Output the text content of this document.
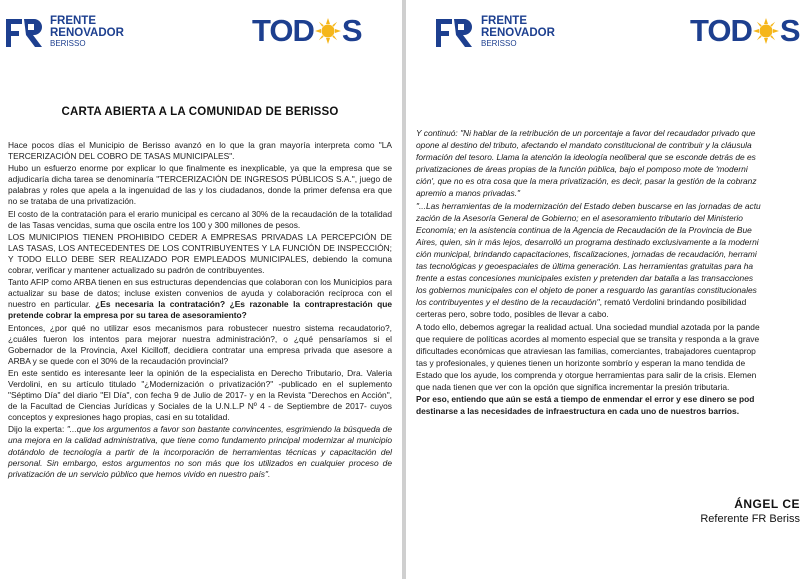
FRENTE
RENOVADOR
BERISSO	TOD S
CARTA ABIERTA A LA COMUNIDAD DE BERISSO

Hace pocos días el Municipio de Berisso avanzó en lo que la gran mayoría interpreta como "LA TERCERIZACIÓN DEL COBRO DE TASAS MUNICIPALES".

Hubo un esfuerzo enorme por explicar lo que finalmente es inexplicable, ya que la empresa que se adjudicaría dicha tarea se denominaría "TERCERIZACIÓN DE INGRESOS PÚBLICOS S.A.", juego de palabras y roles que apela a la ingenuidad de las y los ciudadanos, donde la primer defensa era que no se trataba de una privatización.

El costo de la contratación para el erario municipal es cercano al 30% de la recaudación de la totalidad de las Tasas vencidas, suma que oscila entre los 100 y 300 millones de pesos.

LOS MUNICIPIOS TIENEN PROHIBIDO CEDER A EMPRESAS PRIVADAS LA PERCEPCIÓN DE LAS TASAS, LOS ANTECEDENTES DE LOS CONTRIBUYENTES Y LA FUNCIÓN DE INSPECCIÓN; Y TODO ELLO DEBE SER REALIZADO POR EMPLEADOS MUNICIPALES, debiendo la comuna cobrar, verificar y mantener actualizado su padrón de contribuyentes.

Tanto AFIP como ARBA tienen en sus estructuras dependencias que colaboran con los Municipios para actualizar su base de datos; incluse existen convenios de ayuda y colaboración recíproca con el nuestro en particular. ¿Es necesaria la contratación? ¿Es razonable la contraprestación que pretende cobrar la empresa por su tarea de asesoramiento?

Entonces, ¿por qué no utilizar esos mecanismos para robustecer nuestro sistema recaudatorio?, ¿cuáles fueron los intentos para mejorar nuestra administración?, o ¿qué pensaríamos si el Gobernador de la Provincia, Axel Kicilloff, decidiera contratar una empresa privada que asesore a ARBA y se quede con el 30% de la recaudación provincial?

En este sentido es interesante leer la opinión de la especialista en Derecho Tributario, Dra. Valeria Verdolini, en su artículo titulado "¿Modernización o privatización?" -publicado en el suplemento "Séptimo Día" del diario "El Día", con fecha 9 de Julio de 2017- y en la Revista "Derechos en Acción", de la Facultad de Ciencias Jurídicas y Sociales de la U.N.L.P Nº 4 - de Septiembre de 2017- cuyos conceptos y expresiones hago propias, casi en su totalidad.

Dijo la experta: "...que los argumentos a favor son bastante convincentes, esgrimiendo la búsqueda de una mejora en la calidad administrativa, que tiene como fundamento principal modernizar al municipio dotándolo de tecnología a partir de la incorporación de herramientas técnicas y capacitación del personal. Sin embargo, estos argumentos no son más que los utilizados en cualquier proceso de privatización de un servicio público que hemos vivido en nuestro país".

FRENTE
RENOVADOR
BERISSO	TOD S

Y continuó: "Ni hablar de la retribución de un porcentaje a favor del recaudador privado que

opone al destino del tributo, afectando el mandato constitucional de contribuir y la cláusula

formación del tesoro. Llama la atención la ideología neoliberal que se esconde detrás de es

privatizaciones de áreas propias de la función pública, bajo el pomposo mote de 'moderni

ción', que no es otra cosa que la mera privatización, es decir, pasar la gestión de la cobranz

apremio a manos privadas."

"...Las herramientas de la modernización del Estado deben buscarse en las jornadas de actu

zación de la Asesoría General de Gobierno; en el asesoramiento tributario del Ministerio

Economía; en la asistencia continua de la Agencia de Recaudación de la Provincia de Bue

Aires, quien, sin ir más lejos, desarrolló un programa destinado exclusivamente a la moderni

ción municipal, brindando capacitaciones, fiscalizaciones, jornadas de recaudación, herrami

tas tecnológicas y geoespaciales de última generación. Las herramientas gratuitas para ha

frente a estas concesiones municipales existen y pretenden dar batalla a las transacciones

los gobiernos municipales con el objeto de poner a resguardo las garantías constitucionales

los contribuyentes y el destino de la recaudación", remató Verdolini brindando posibilidad

certeras pero, sobre todo, posibles de llevar a cabo.

A todo ello, debemos agregar la realidad actual. Una sociedad mundial azotada por la pande

que requiere de políticas acordes al momento especial que se transita y responda a la grave

dificultades económicas que atraviesan las familias, comerciantes, trabajadores cuentaprop

tas y profesionales, y quienes tienen un horizonte sombrío y esperan la mano tendida de

Estado que los ayude, los comprenda y otorgue herramientas para salir de la crisis. Elemen

que nada tienen que ver con la opción que significa incrementar la presión tributaria.

Por eso, entiendo que aún se está a tiempo de enmendar el error y ese dinero se pod

destinarse a las necesidades de infraestructura en cada uno de nuestros barrios.

ÁNGEL CE
Referente FR Beriss
